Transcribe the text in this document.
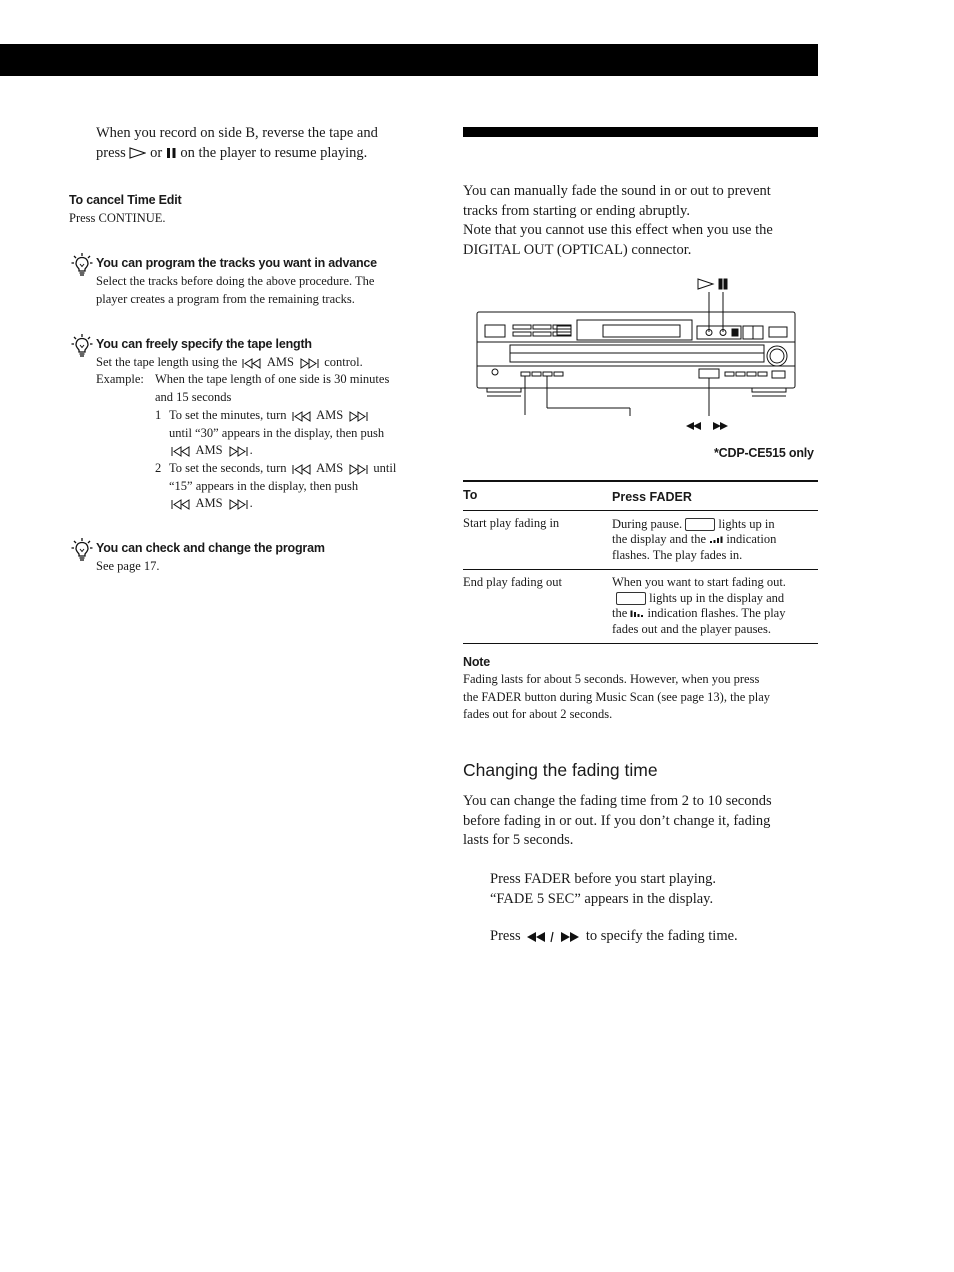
When you record on side B, reverse the tape and
press or on the player to resume playing.
To cancel Time Edit
Press CONTINUE.
You can program the tracks you want in advance
Select the tracks before doing the above procedure. The
player creates a program from the remaining tracks.
You can freely specify the tape length
Set the tape length using the AMS control.
Example: When the tape length of one side is 30 minutes
and 15 seconds
1 To set the minutes, turn AMS
until “30” appears in the display, then push
AMS .
2 To set the seconds, turn AMS until
“15” appears in the display, then push
AMS .
You can check and change the program
See page 17.
You can manually fade the sound in or out to prevent
tracks from starting or ending abruptly.
Note that you cannot use this effect when you use the
DIGITAL OUT (OPTICAL) connector.
*CDP-CE515 only
To	Press FADER
Start play fading in	During pause. lights up in
the display and the indication
flashes. The play fades in.

End play fading out	When you want to start fading out.
lights up in the display and
the indication flashes. The play
fades out and the player pauses.
Note
Fading lasts for about 5 seconds. However, when you press
the FADER button during Music Scan (see page 13), the play
fades out for about 2 seconds.
Changing the fading time
You can change the fading time from 2 to 10 seconds
before fading in or out. If you don’t change it, fading
lasts for 5 seconds.
Press FADER before you start playing.
“FADE 5 SEC” appears in the display.
Press	to specify the fading time.
